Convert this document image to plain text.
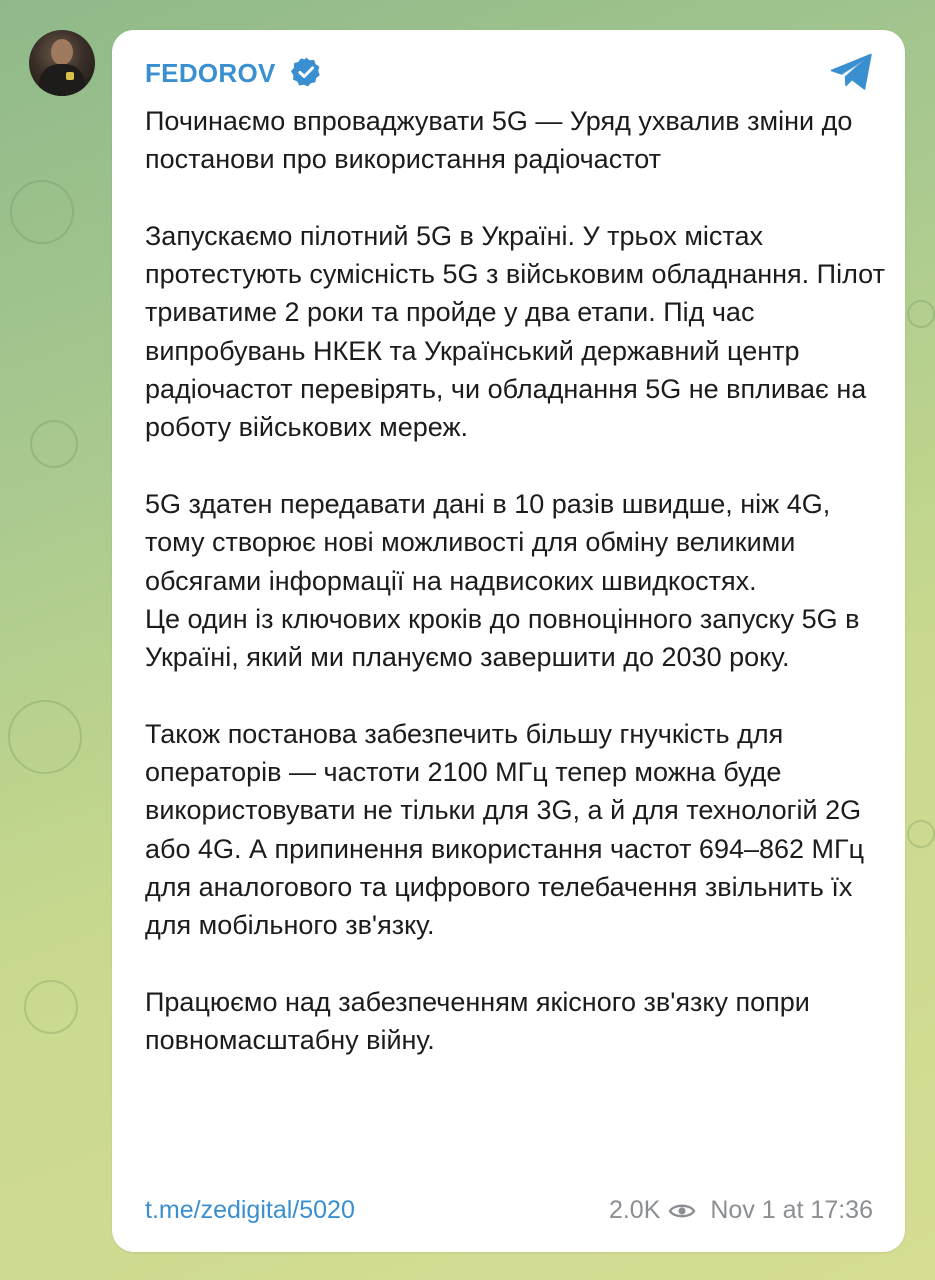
FEDOROV

Починаємо впроваджувати 5G — Уряд ухвалив зміни до постанови про використання радіочастот

Запускаємо пілотний 5G в Україні. У трьох містах протестують сумісність 5G з військовим обладнання. Пілот триватиме 2 роки та пройде у два етапи. Під час випробувань НКЕК та Український державний центр радіочастот перевірять, чи обладнання 5G не впливає на роботу військових мереж.

5G здатен передавати дані в 10 разів швидше, ніж 4G, тому створює нові можливості для обміну великими обсягами інформації на надвисоких швидкостях.

Це один із ключових кроків до повноцінного запуску 5G в Україні, який ми плануємо завершити до 2030 року.

Також постанова забезпечить більшу гнучкість для операторів — частоти 2100 МГц тепер можна буде використовувати не тільки для 3G, а й для технологій 2G або 4G. А припинення використання частот 694–862 МГц для аналогового та цифрового телебачення звільнить їх для мобільного зв'язку.

Працюємо над забезпеченням якісного зв'язку попри повномасштабну війну.

t.me/zedigital/5020	2.0K Nov 1 at 17:36
